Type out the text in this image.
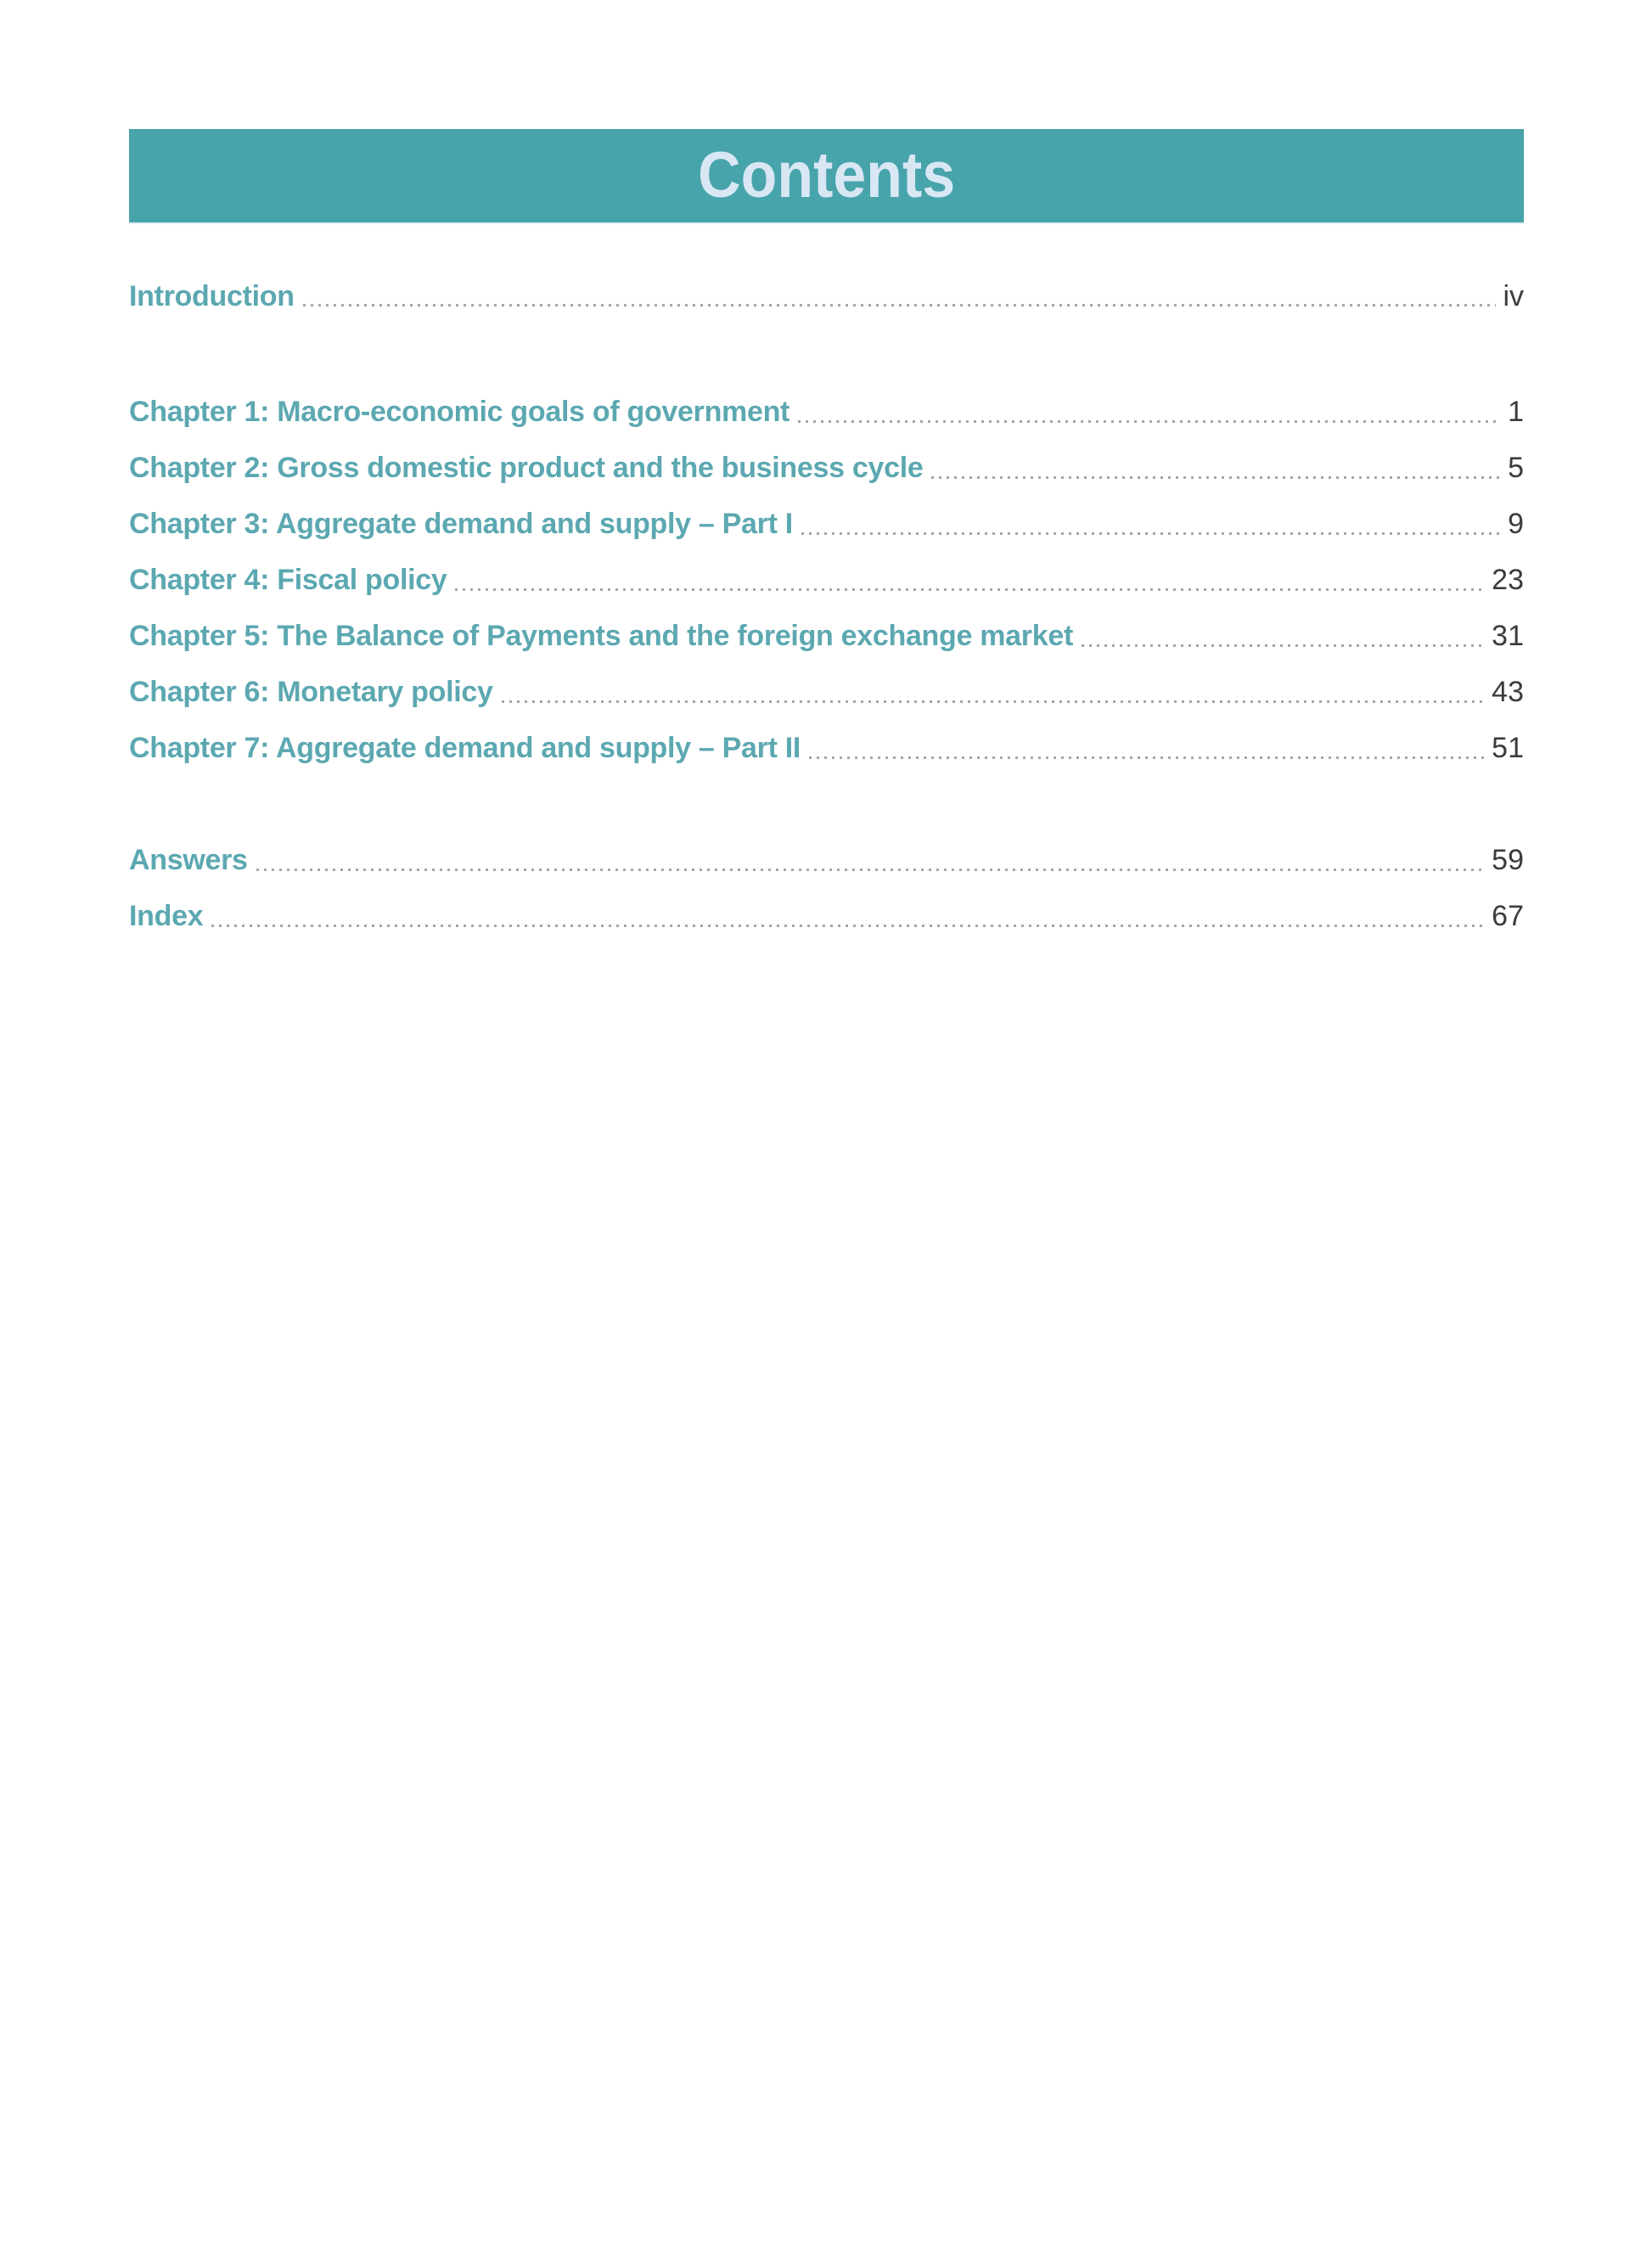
Contents
Introduction	iv
Chapter 1: Macro-economic goals of government	1
Chapter 2: Gross domestic product and the business cycle	5
Chapter 3: Aggregate demand and supply – Part I	9
Chapter 4: Fiscal policy	23
Chapter 5: The Balance of Payments and the foreign exchange market	31
Chapter 6: Monetary policy	43
Chapter 7: Aggregate demand and supply – Part II	51
Answers	59
Index	67
